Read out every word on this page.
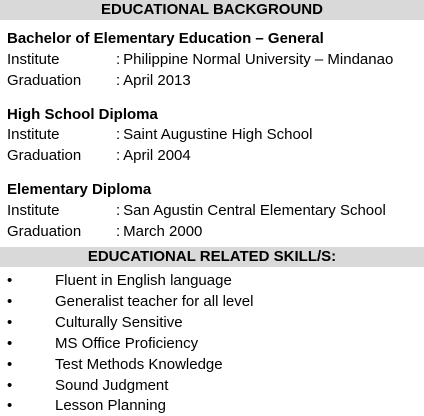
EDUCATIONAL BACKGROUND
Bachelor of Elementary Education – General
Institute	: Philippine Normal University – Mindanao
Graduation : April 2013
High School Diploma
Institute	: Saint Augustine High School
Graduation : April 2004
Elementary Diploma
Institute	: San Agustin Central Elementary School
Graduation : March 2000
EDUCATIONAL RELATED SKILL/S:
•	Fluent in English language
•	Generalist teacher for all level
•	Culturally Sensitive
•	MS Office Proficiency
•	Test Methods Knowledge
•	Sound Judgment
•	Lesson Planning
